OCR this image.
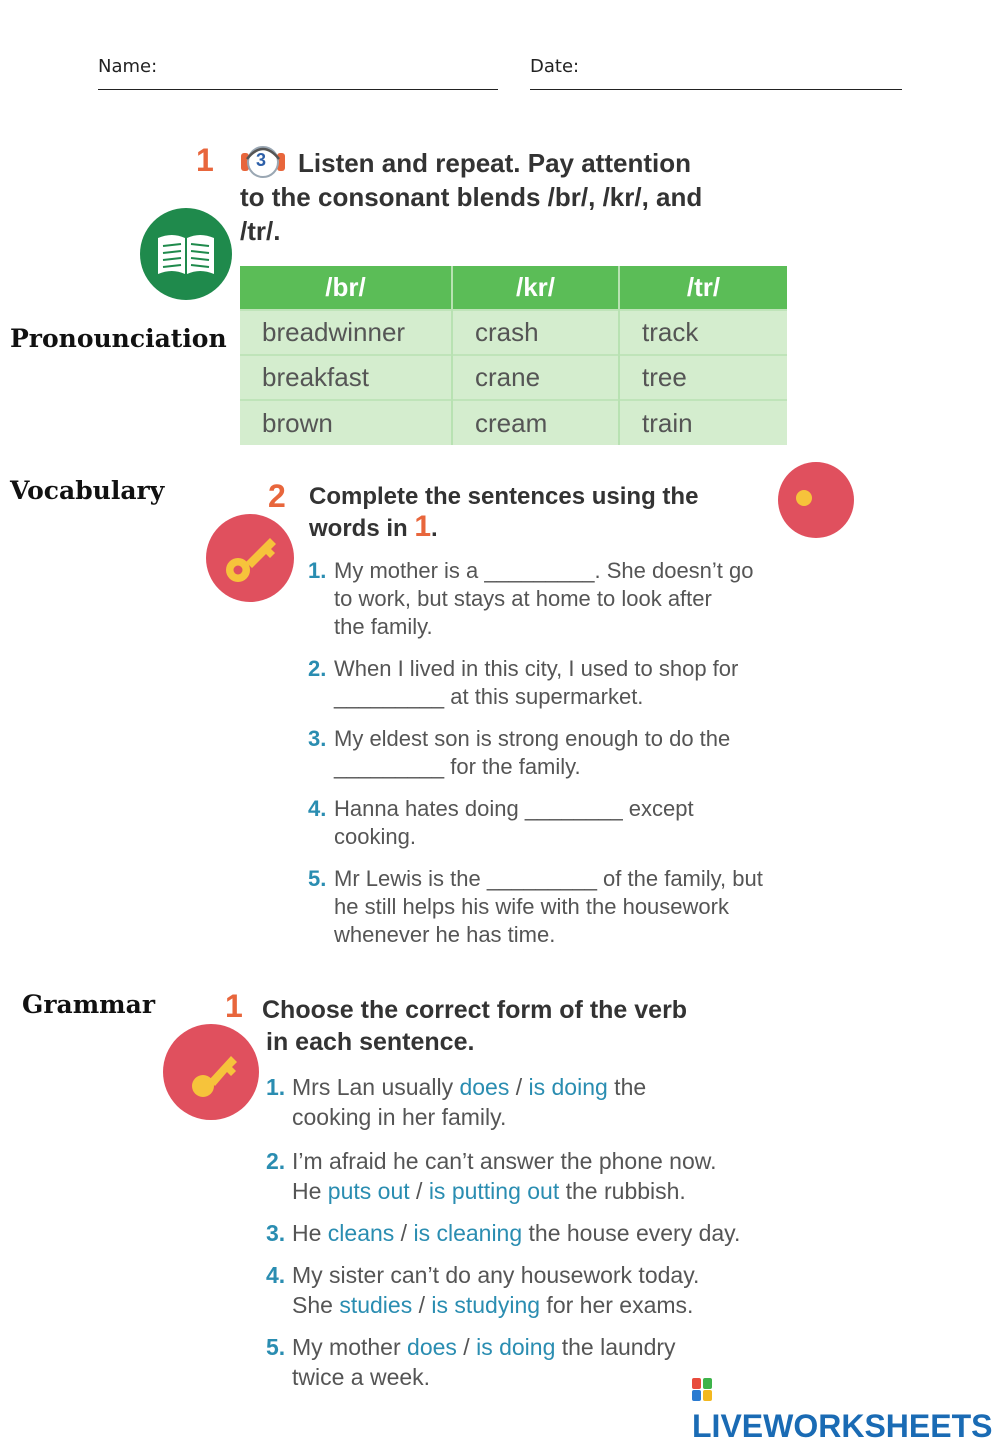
Name:	Date:
Pronounciation
1 3 Listen and repeat. Pay attention
to the consonant blends /br/, /kr/, and
/tr/.
/br/	/kr/	/tr/
breadwinner	crash	track
breakfast	crane	tree
brown	cream	train
Vocabulary	2 Complete the sentences using the
words in 1.
1. My mother is a _________. She doesn’t go
to work, but stays at home to look after
the family.
2. When I lived in this city, I used to shop for
_________ at this supermarket.
3. My eldest son is strong enough to do the
_________ for the family.
4. Hanna hates doing ________ except
cooking.
5. Mr Lewis is the _________ of the family, but
he still helps his wife with the housework
whenever he has time.
Grammar 1 Choose the correct form of the verb
in each sentence.
1. Mrs Lan usually does / is doing the
cooking in her family.
2. I’m afraid he can’t answer the phone now.
He puts out / is putting out the rubbish.
3. He cleans / is cleaning the house every day.
4. My sister can’t do any housework today.
She studies / is studying for her exams.
5. My mother does / is doing the laundry
twice a week.
LIVEWORKSHEETS
